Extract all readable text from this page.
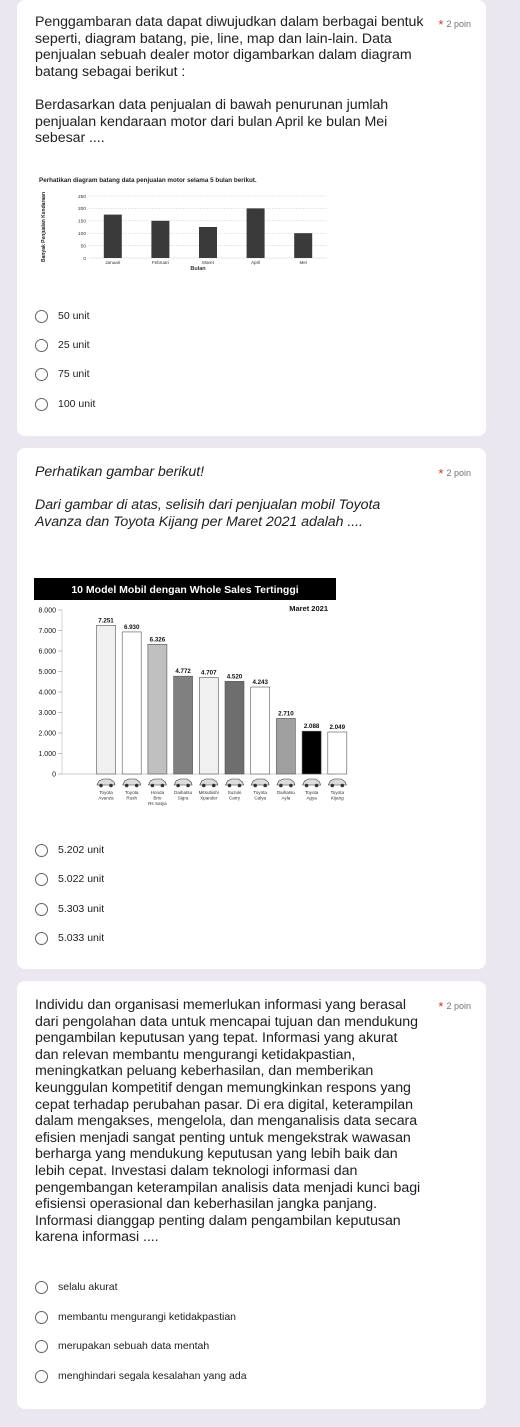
Penggambaran data dapat diwujudkan dalam berbagai bentuk
seperti, diagram batang, pie, line, map dan lain-lain. Data
penjualan sebuah dealer motor digambarkan dalam diagram
batang sebagai berikut :

Berdasarkan data penjualan di bawah penurunan jumlah
penjualan kendaraan motor dari bulan April ke bulan Mei
sebesar ....
* 2 poin
Perhatikan diagram batang data penjualan motor selama 5 bulan berikut.
Banyak Penjualan Kendaraan	0
50
100
150
200
250
Januari	Februari	Maret	April	Mei
Bulan
50 unit
25 unit
75 unit
100 unit
Perhatikan gambar berikut!

Dari gambar di atas, selisih dari penjualan mobil Toyota
Avanza dan Toyota Kijang per Maret 2021 adalah ....
* 2 poin
10 Model Mobil dengan Whole Sales Tertinggi
Maret 2021
0
1.000
2.000
3.000
4.000
5.000
6.000
7.000
8.000
7.251
6.930
6.326
4.772 4.707
4.520
4.243
2.710
2.088 2.049
Toyota
Avanza
Toyota
Rush
Honda
Brio
Rs Satya
Daihatsu
Sigra
Mitsubishi
Xpander
Suzuki
Carry
Toyota
Calya
Daihatsu
Ayla
Toyota
Agya
Toyota
Kijang
5.202 unit
5.022 unit
5.303 unit
5.033 unit
Individu dan organisasi memerlukan informasi yang berasal
dari pengolahan data untuk mencapai tujuan dan mendukung
pengambilan keputusan yang tepat. Informasi yang akurat
dan relevan membantu mengurangi ketidakpastian,
meningkatkan peluang keberhasilan, dan memberikan
keunggulan kompetitif dengan memungkinkan respons yang
cepat terhadap perubahan pasar. Di era digital, keterampilan
dalam mengakses, mengelola, dan menganalisis data secara
efisien menjadi sangat penting untuk mengekstrak wawasan
berharga yang mendukung keputusan yang lebih baik dan
lebih cepat. Investasi dalam teknologi informasi dan
pengembangan keterampilan analisis data menjadi kunci bagi
efisiensi operasional dan keberhasilan jangka panjang.
Informasi dianggap penting dalam pengambilan keputusan
karena informasi ....
* 2 poin
selalu akurat
membantu mengurangi ketidakpastian
merupakan sebuah data mentah
menghindari segala kesalahan yang ada
